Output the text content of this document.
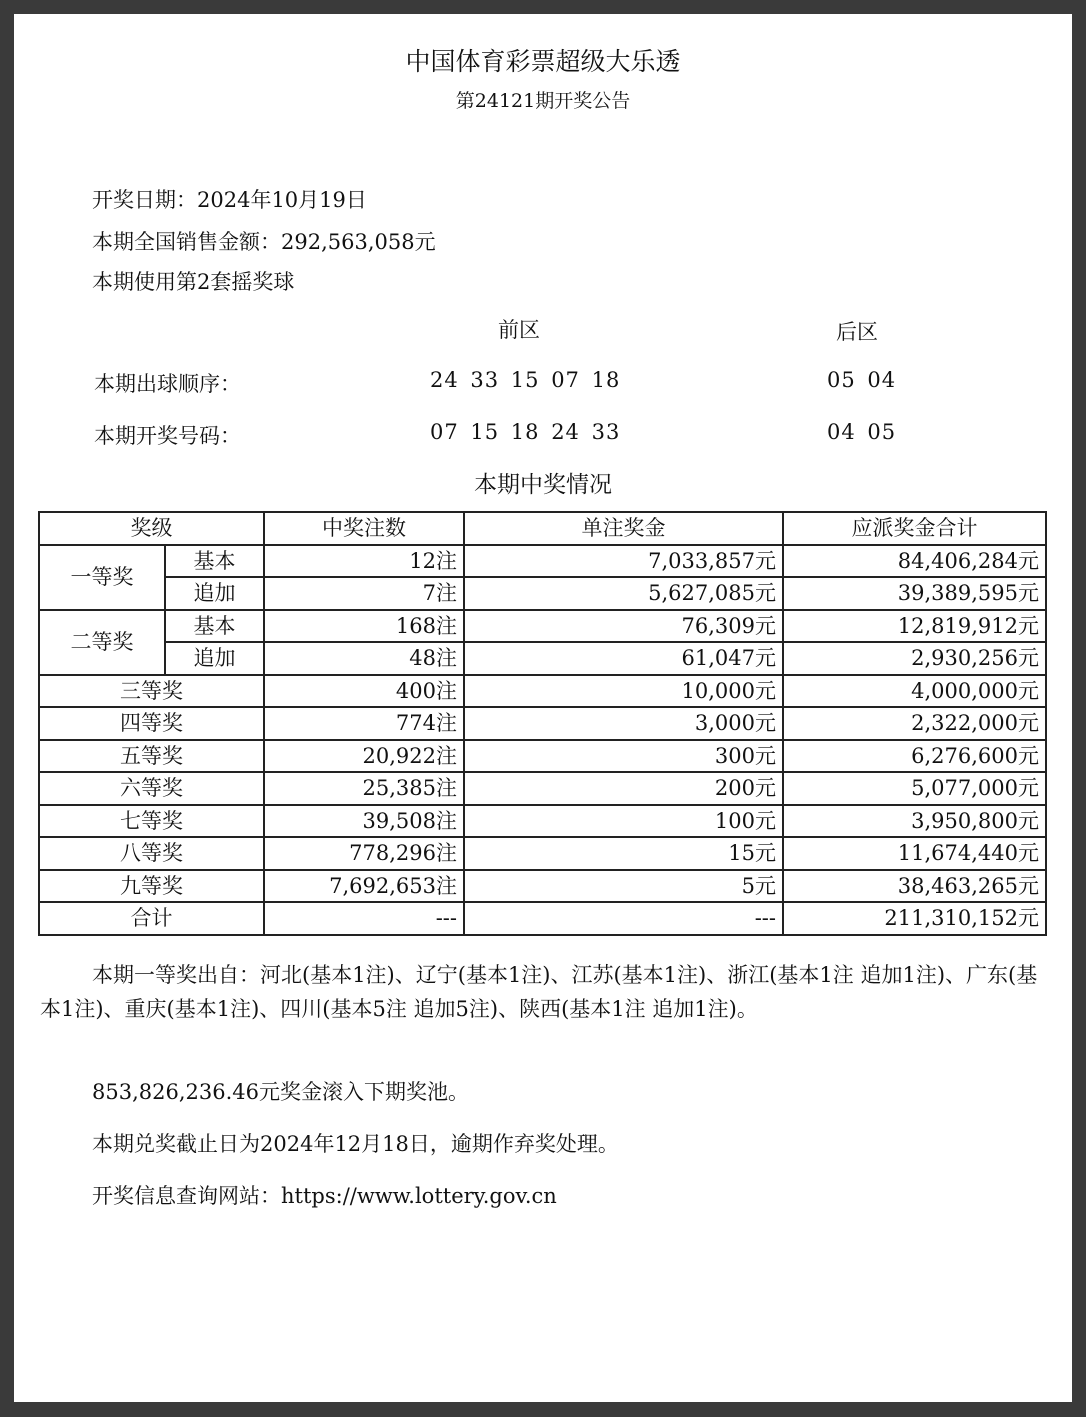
中国体育彩票超级大乐透
第24121期开奖公告
开奖日期：2024年10月19日
本期全国销售金额：292,563,058元
本期使用第2套摇奖球
前区	后区
本期出球顺序：	24 33 15 07 18	05 04
本期开奖号码：	07 15 18 24 33	04 05
本期中奖情况
奖级		中奖注数	单注奖金	应派奖金合计
一等奖	基本	12注	7,033,857元	84,406,284元
	追加	7注	5,627,085元	39,389,595元
二等奖	基本	168注	76,309元	12,819,912元
	追加	48注	61,047元	2,930,256元
三等奖		400注	10,000元	4,000,000元
四等奖		774注	3,000元	2,322,000元
五等奖		20,922注	300元	6,276,600元
六等奖		25,385注	200元	5,077,000元
七等奖		39,508注	100元	3,950,800元
八等奖		778,296注	15元	11,674,440元
九等奖		7,692,653注	5元	38,463,265元
合计		---	---	211,310,152元
本期一等奖出自：河北(基本1注)、辽宁(基本1注)、江苏(基本1注)、浙江(基本1注 追加1注)、广东(基本1注)、重庆(基本1注)、四川(基本5注 追加5注)、陕西(基本1注 追加1注)。
853,826,236.46元奖金滚入下期奖池。
本期兑奖截止日为2024年12月18日，逾期作弃奖处理。
开奖信息查询网站：https://www.lottery.gov.cn
